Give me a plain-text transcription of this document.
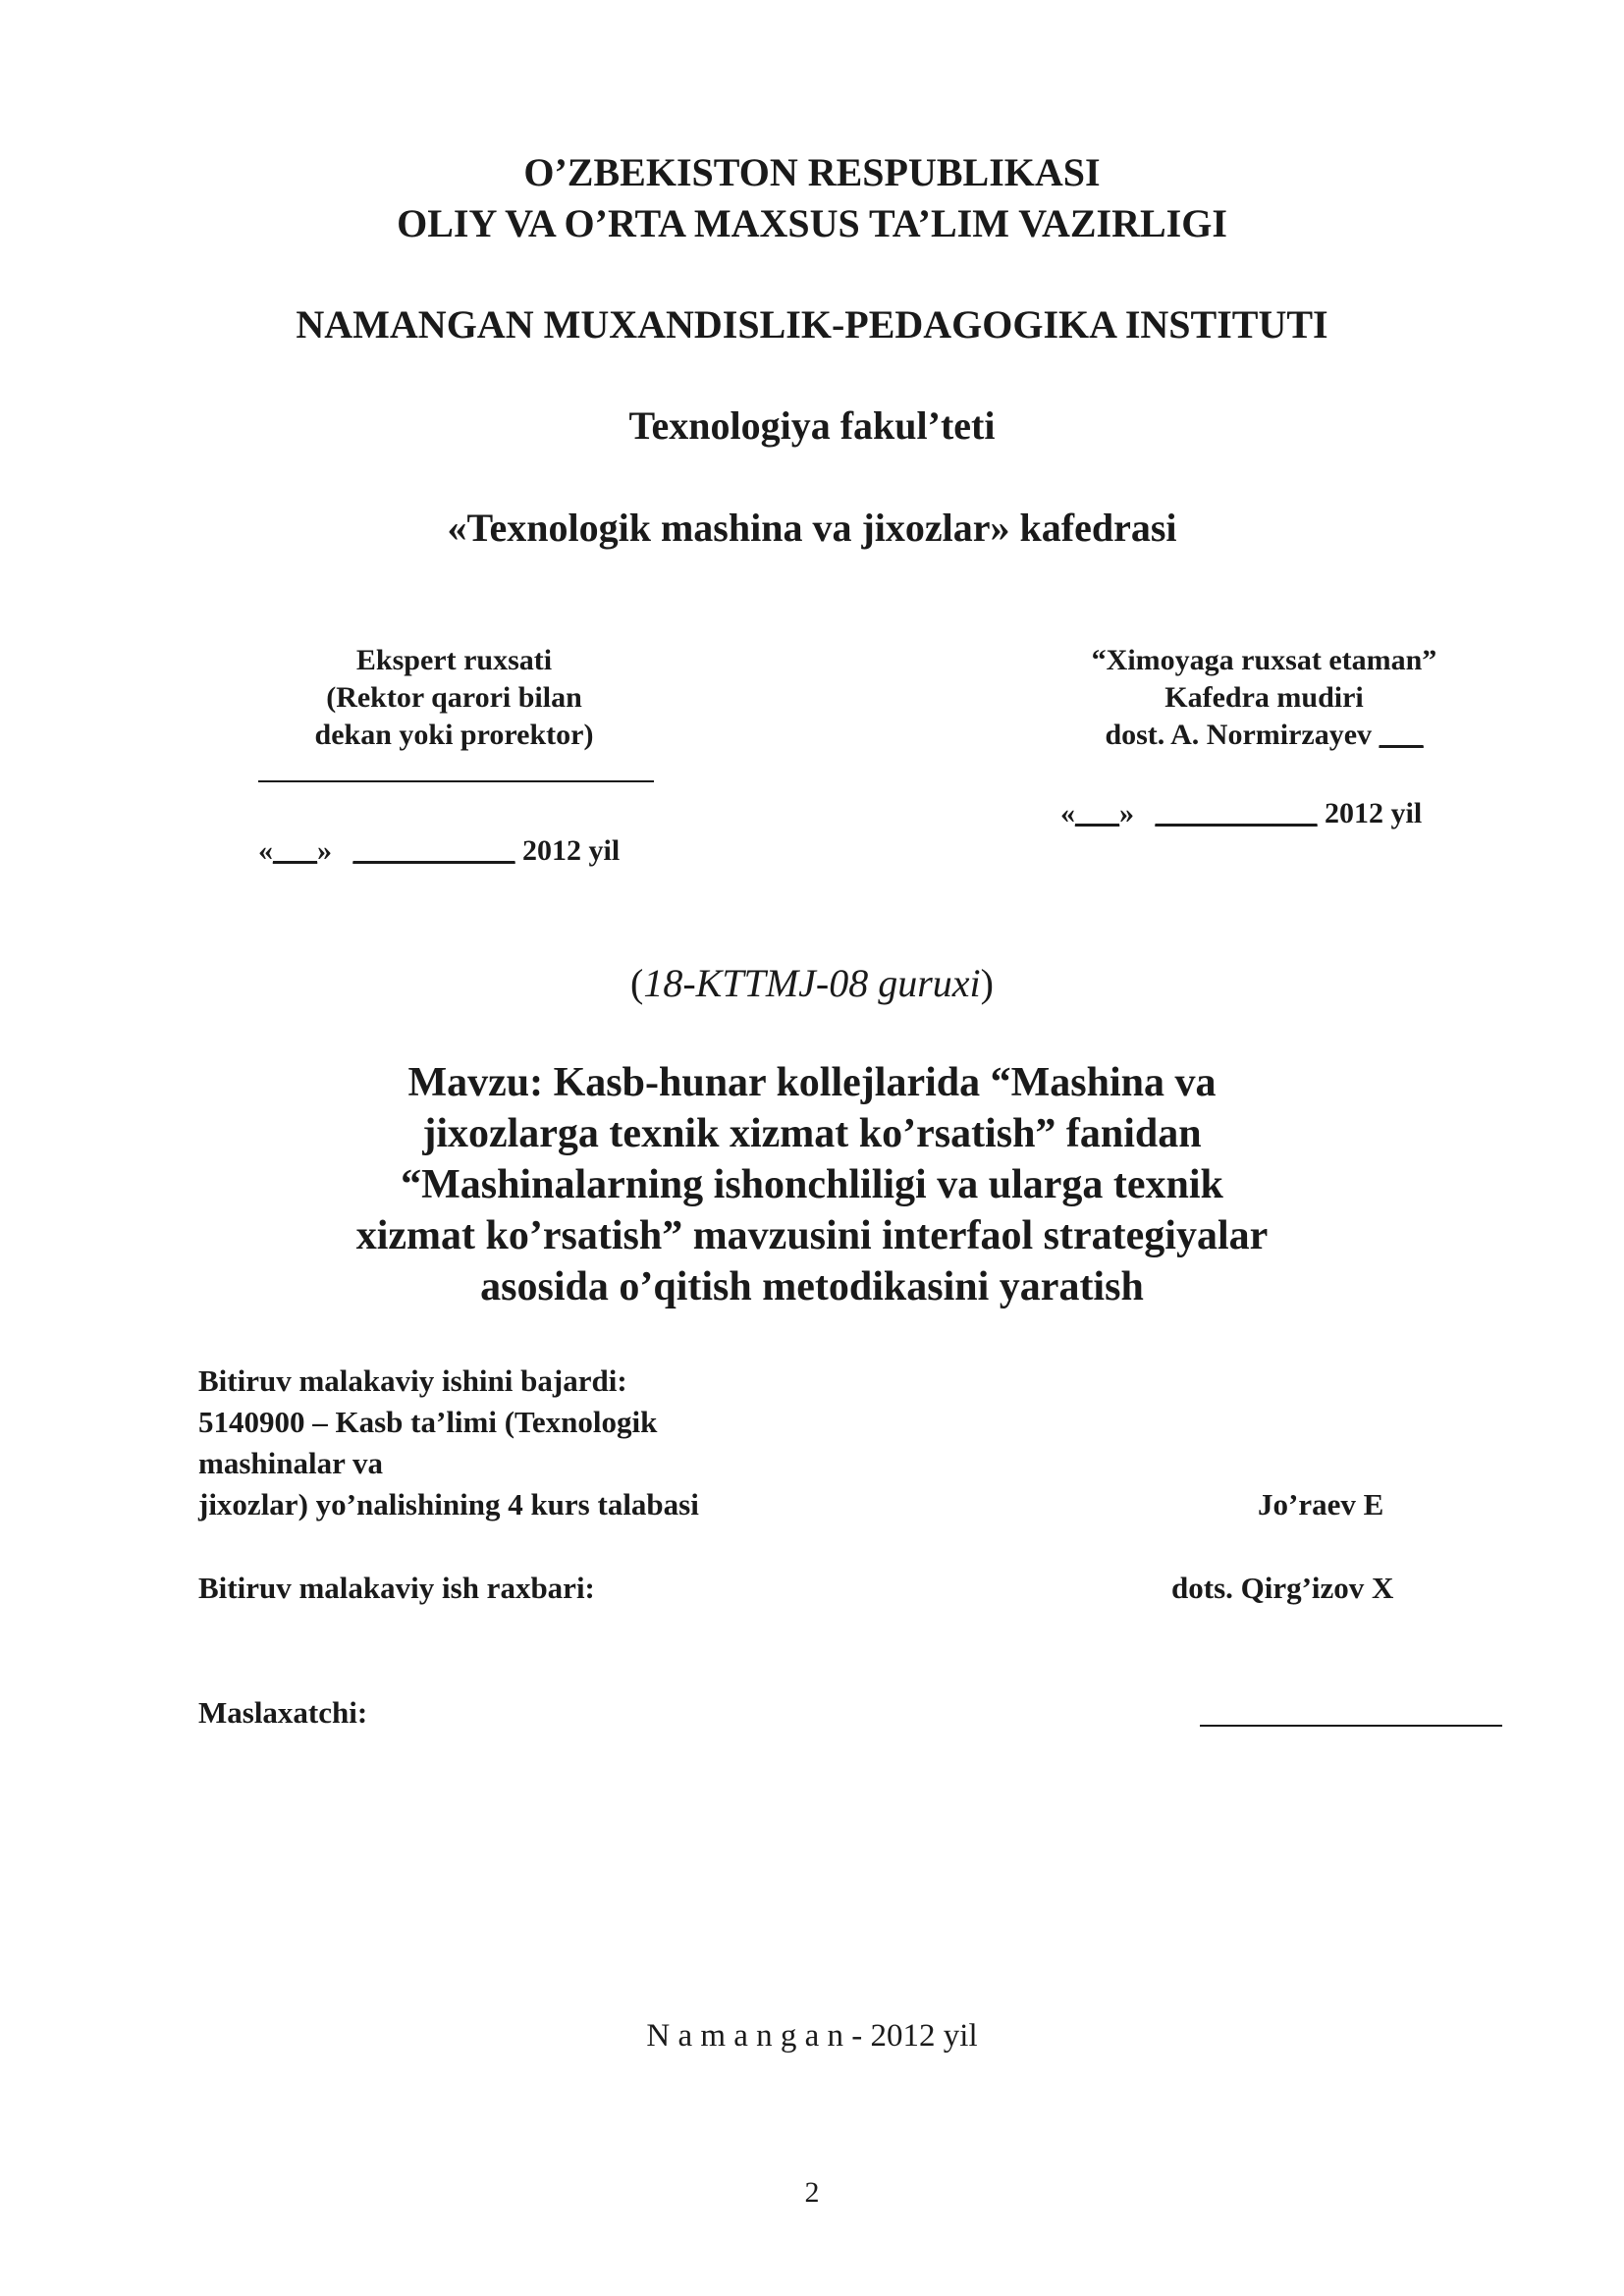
O’ZBEKISTON RESPUBLIKASI
OLIY VA O’RTA MAXSUS TA’LIM VAZIRLIGI
NAMANGAN MUXANDISLIK-PEDAGOGIKA INSTITUTI
Texnologiya fakul’teti
«Texnologik mashina va jixozlar» kafedrasi
Ekspert ruxsati
(Rektor qarori bilan
dekan yoki prorektor)
«___» ___________ 2012 yil
“Ximoyaga ruxsat etaman”
Kafedra mudiri
dost. A. Normirzayev ___
«___» ___________ 2012 yil
(18-KTTMJ-08 guruxi)
Mavzu: Kasb-hunar kollejlarida “Mashina va
jixozlarga texnik xizmat ko’rsatish” fanidan
“Mashinalarning ishonchliligi va ularga texnik
xizmat ko’rsatish” mavzusini interfaol strategiyalar
asosida o’qitish metodikasini yaratish
Bitiruv malakaviy ishini bajardi:
5140900 – Kasb ta’limi (Texnologik
mashinalar va
jixozlar) yo’nalishining 4 kurs talabasi	Jo’raev E
Bitiruv malakaviy ish raxbari:	dots. Qirg’izov X
Maslaxatchi:
N a m a n g a n - 2012 yil
2
